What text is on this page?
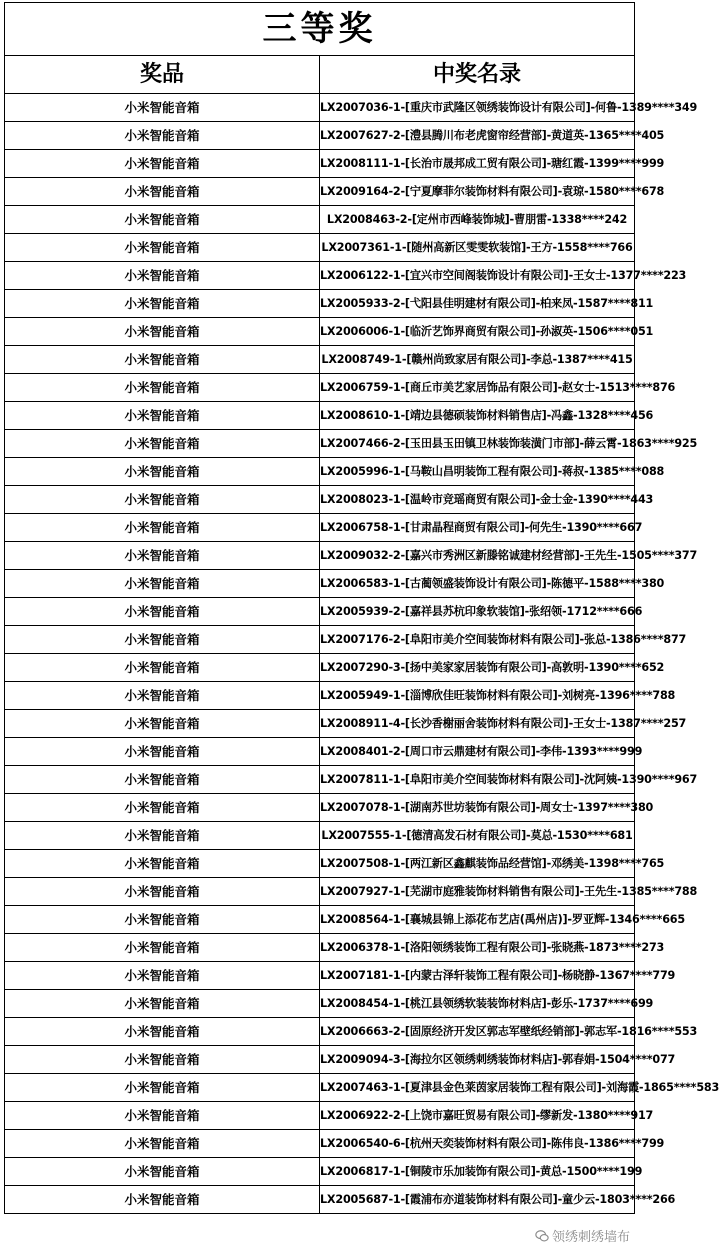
三等奖	
奖品	中奖名录
小米智能音箱	LX2007036-1-[重庆市武隆区领绣装饰设计有限公司]-何鲁-1389****349
小米智能音箱	LX2007627-2-[澧县腾川布老虎窗帘经营部]-黄道英-1365****405
小米智能音箱	LX2008111-1-[长治市晟邦成工贸有限公司]-瑭红霞-1399****999
小米智能音箱	LX2009164-2-[宁夏摩菲尔装饰材料有限公司]-袁琼-1580****678
小米智能音箱	LX2008463-2-[定州市西峰装饰城]-曹朋雷-1338****242
小米智能音箱	LX2007361-1-[随州高新区雯雯软装馆]-王方-1558****766
小米智能音箱	LX2006122-1-[宜兴市空间阁装饰设计有限公司]-王女士-1377****223
小米智能音箱	LX2005933-2-[弋阳县佳明建材有限公司]-柏来凤-1587****811
小米智能音箱	LX2006006-1-[临沂艺饰界商贸有限公司]-孙淑英-1506****051
小米智能音箱	LX2008749-1-[赣州尚致家居有限公司]-李总-1387****415
小米智能音箱	LX2006759-1-[商丘市美艺家居饰品有限公司]-赵女士-1513****876
小米智能音箱	LX2008610-1-[靖边县德硕装饰材料销售店]-冯鑫-1328****456
小米智能音箱	LX2007466-2-[玉田县玉田镇卫林装饰装潢门市部]-薛云霄-1863****925
小米智能音箱	LX2005996-1-[马鞍山昌明装饰工程有限公司]-蒋叔-1385****088
小米智能音箱	LX2008023-1-[温岭市竞瑶商贸有限公司]-金士金-1390****443
小米智能音箱	LX2006758-1-[甘肃晶程商贸有限公司]-何先生-1390****667
小米智能音箱	LX2009032-2-[嘉兴市秀洲区新滕铭诚建材经营部]-王先生-1505****377
小米智能音箱	LX2006583-1-[古蔺领盛装饰设计有限公司]-陈德平-1588****380
小米智能音箱	LX2005939-2-[嘉祥县苏杭印象软装馆]-张绍领-1712****666
小米智能音箱	LX2007176-2-[阜阳市美介空间装饰材料有限公司]-张总-1386****877
小米智能音箱	LX2007290-3-[扬中美家家居装饰有限公司]-高敦明-1390****652
小米智能音箱	LX2005949-1-[淄博欣佳旺装饰材料有限公司]-刘树亮-1396****788
小米智能音箱	LX2008911-4-[长沙香榭丽舍装饰材料有限公司]-王女士-1387****257
小米智能音箱	LX2008401-2-[周口市云鼎建材有限公司]-李伟-1393****999
小米智能音箱	LX2007811-1-[阜阳市美介空间装饰材料有限公司]-沈阿姨-1390****967
小米智能音箱	LX2007078-1-[湖南苏世坊装饰有限公司]-周女士-1397****380
小米智能音箱	LX2007555-1-[德清高发石材有限公司]-莫总-1530****681
小米智能音箱	LX2007508-1-[两江新区鑫麒装饰品经营馆]-邓绣美-1398****765
小米智能音箱	LX2007927-1-[芜湖市庭雅装饰材料销售有限公司]-王先生-1385****788
小米智能音箱	LX2008564-1-[襄城县锦上添花布艺店(禹州店)]-罗亚辉-1346****665
小米智能音箱	LX2006378-1-[洛阳领绣装饰工程有限公司]-张晓燕-1873****273
小米智能音箱	LX2007181-1-[内蒙古泽轩装饰工程有限公司]-杨晓静-1367****779
小米智能音箱	LX2008454-1-[桃江县领绣软装装饰材料店]-彭乐-1737****699
小米智能音箱	LX2006663-2-[固原经济开发区郭志军壁纸经销部]-郭志军-1816****553
小米智能音箱	LX2009094-3-[海拉尔区领绣刺绣装饰材料店]-郭春娟-1504****077
小米智能音箱	LX2007463-1-[夏津县金色莱茵家居装饰工程有限公司]-刘海霞-1865****583
小米智能音箱	LX2006922-2-[上饶市嘉旺贸易有限公司]-缪新发-1380****917
小米智能音箱	LX2006540-6-[杭州天奕装饰材料有限公司]-陈伟良-1386****799
小米智能音箱	LX2006817-1-[铜陵市乐加装饰有限公司]-黄总-1500****199
小米智能音箱	LX2005687-1-[霞浦布亦道装饰材料有限公司]-童少云-1803****266
领绣刺绣墙布
